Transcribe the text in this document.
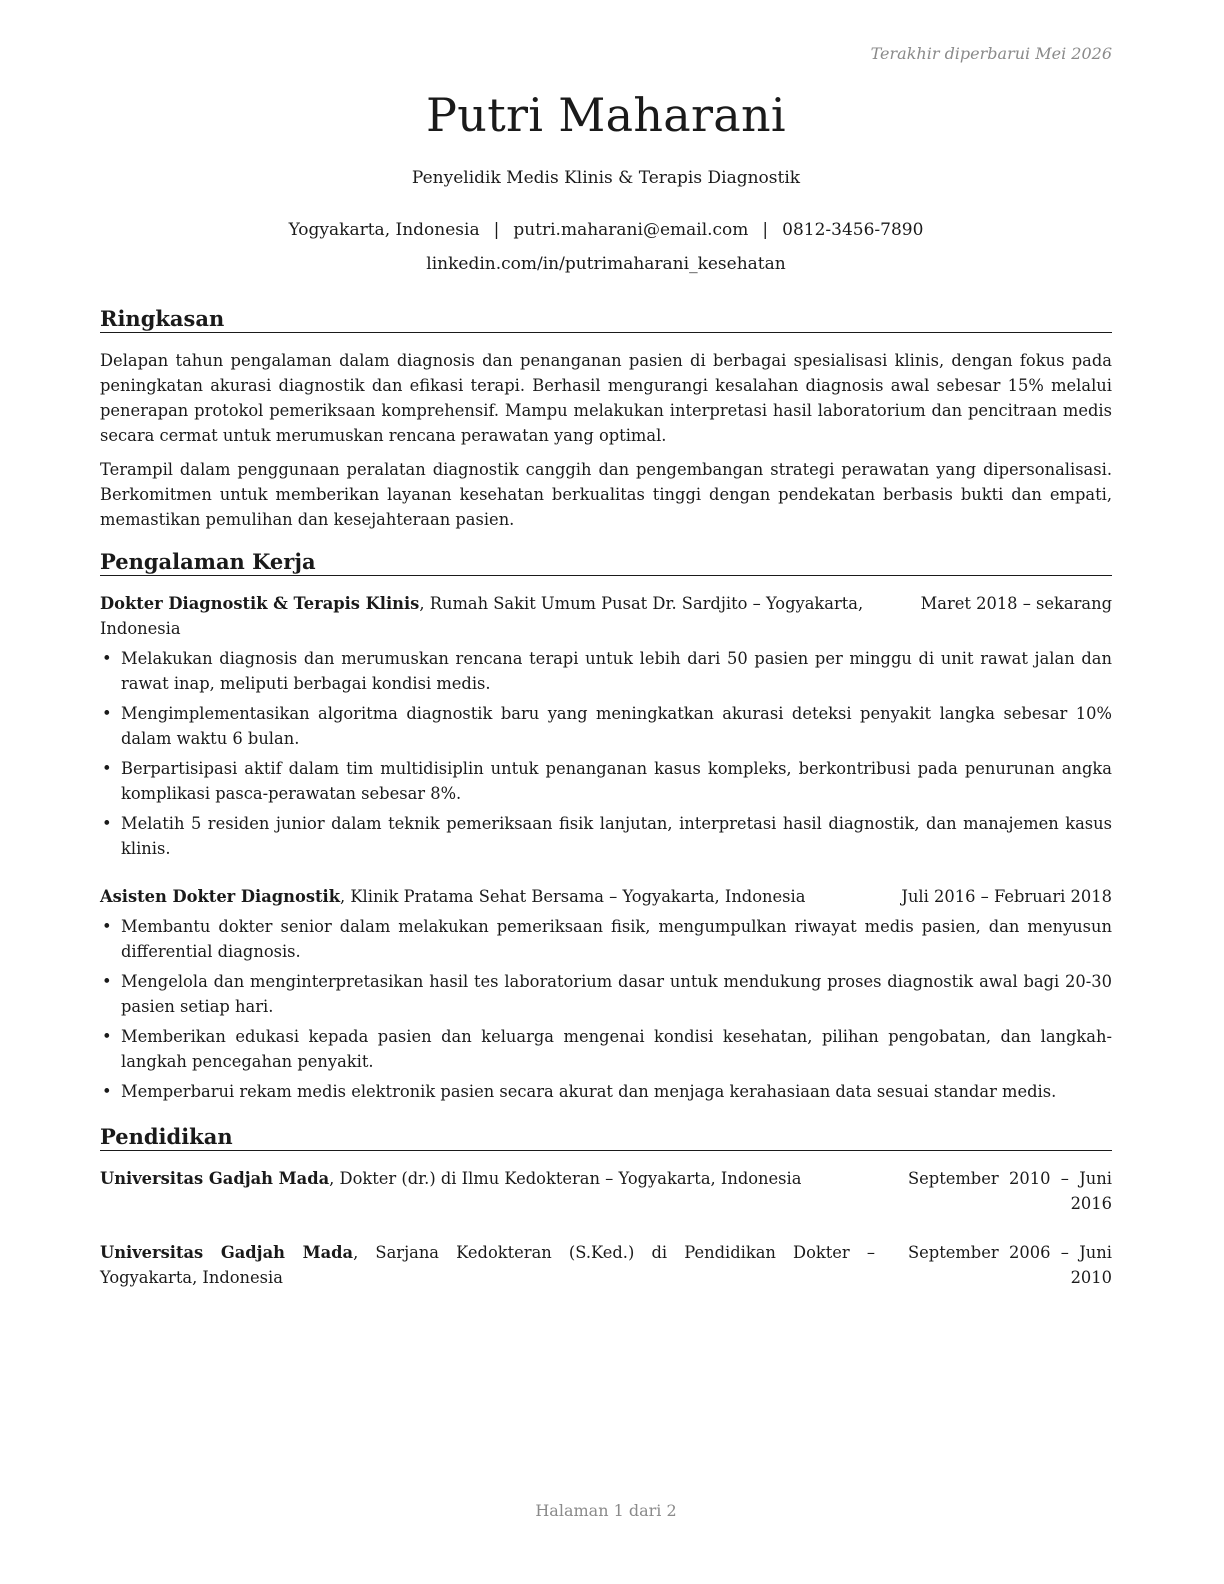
Terakhir diperbarui Mei 2026
Putri Maharani
Penyelidik Medis Klinis & Terapis Diagnostik
Yogyakarta, Indonesia | putri.maharani@email.com | 0812-3456-7890
linkedin.com/in/putrimaharani_kesehatan
Ringkasan
Delapan tahun pengalaman dalam diagnosis dan penanganan pasien di berbagai spesialisasi klinis, dengan fokus pada peningkatan akurasi diagnostik dan efikasi terapi. Berhasil mengurangi kesalahan diagnosis awal sebesar 15% melalui penerapan protokol pemeriksaan komprehensif. Mampu melakukan interpretasi hasil laboratorium dan pencitraan medis secara cermat untuk merumuskan rencana perawatan yang optimal.
Terampil dalam penggunaan peralatan diagnostik canggih dan pengembangan strategi perawatan yang dipersonalisasi. Berkomitmen untuk memberikan layanan kesehatan berkualitas tinggi dengan pendekatan berbasis bukti dan empati, memastikan pemulihan dan kesejahteraan pasien.
Pengalaman Kerja
Dokter Diagnostik & Terapis Klinis, Rumah Sakit Umum Pusat Dr. Sardjito – Yogyakarta,
Indonesia
Maret 2018 – sekarang
• Melakukan diagnosis dan merumuskan rencana terapi untuk lebih dari 50 pasien per minggu di unit rawat jalan dan rawat inap, meliputi berbagai kondisi medis.
• Mengimplementasikan algoritma diagnostik baru yang meningkatkan akurasi deteksi penyakit langka sebesar 10% dalam waktu 6 bulan.
• Berpartisipasi aktif dalam tim multidisiplin untuk penanganan kasus kompleks, berkontribusi pada penurunan angka komplikasi pasca-perawatan sebesar 8%.
• Melatih 5 residen junior dalam teknik pemeriksaan fisik lanjutan, interpretasi hasil diagnostik, dan manajemen kasus klinis.
Asisten Dokter Diagnostik, Klinik Pratama Sehat Bersama – Yogyakarta, Indonesia	Juli 2016 – Februari 2018
• Membantu dokter senior dalam melakukan pemeriksaan fisik, mengumpulkan riwayat medis pasien, dan menyusun differential diagnosis.
• Mengelola dan menginterpretasikan hasil tes laboratorium dasar untuk mendukung proses diagnostik awal bagi 20-30 pasien setiap hari.
• Memberikan edukasi kepada pasien dan keluarga mengenai kondisi kesehatan, pilihan pengobatan, dan langkah-langkah pencegahan penyakit.
• Memperbarui rekam medis elektronik pasien secara akurat dan menjaga kerahasiaan data sesuai standar medis.
Pendidikan
Universitas Gadjah Mada, Dokter (dr.) di Ilmu Kedokteran – Yogyakarta, Indonesia	September  2010  –  Juni
2016
Universitas Gadjah Mada, Sarjana Kedokteran (S.Ked.) di Pendidikan Dokter –
Yogyakarta, Indonesia
September  2006  –  Juni
2010
Halaman 1 dari 2
